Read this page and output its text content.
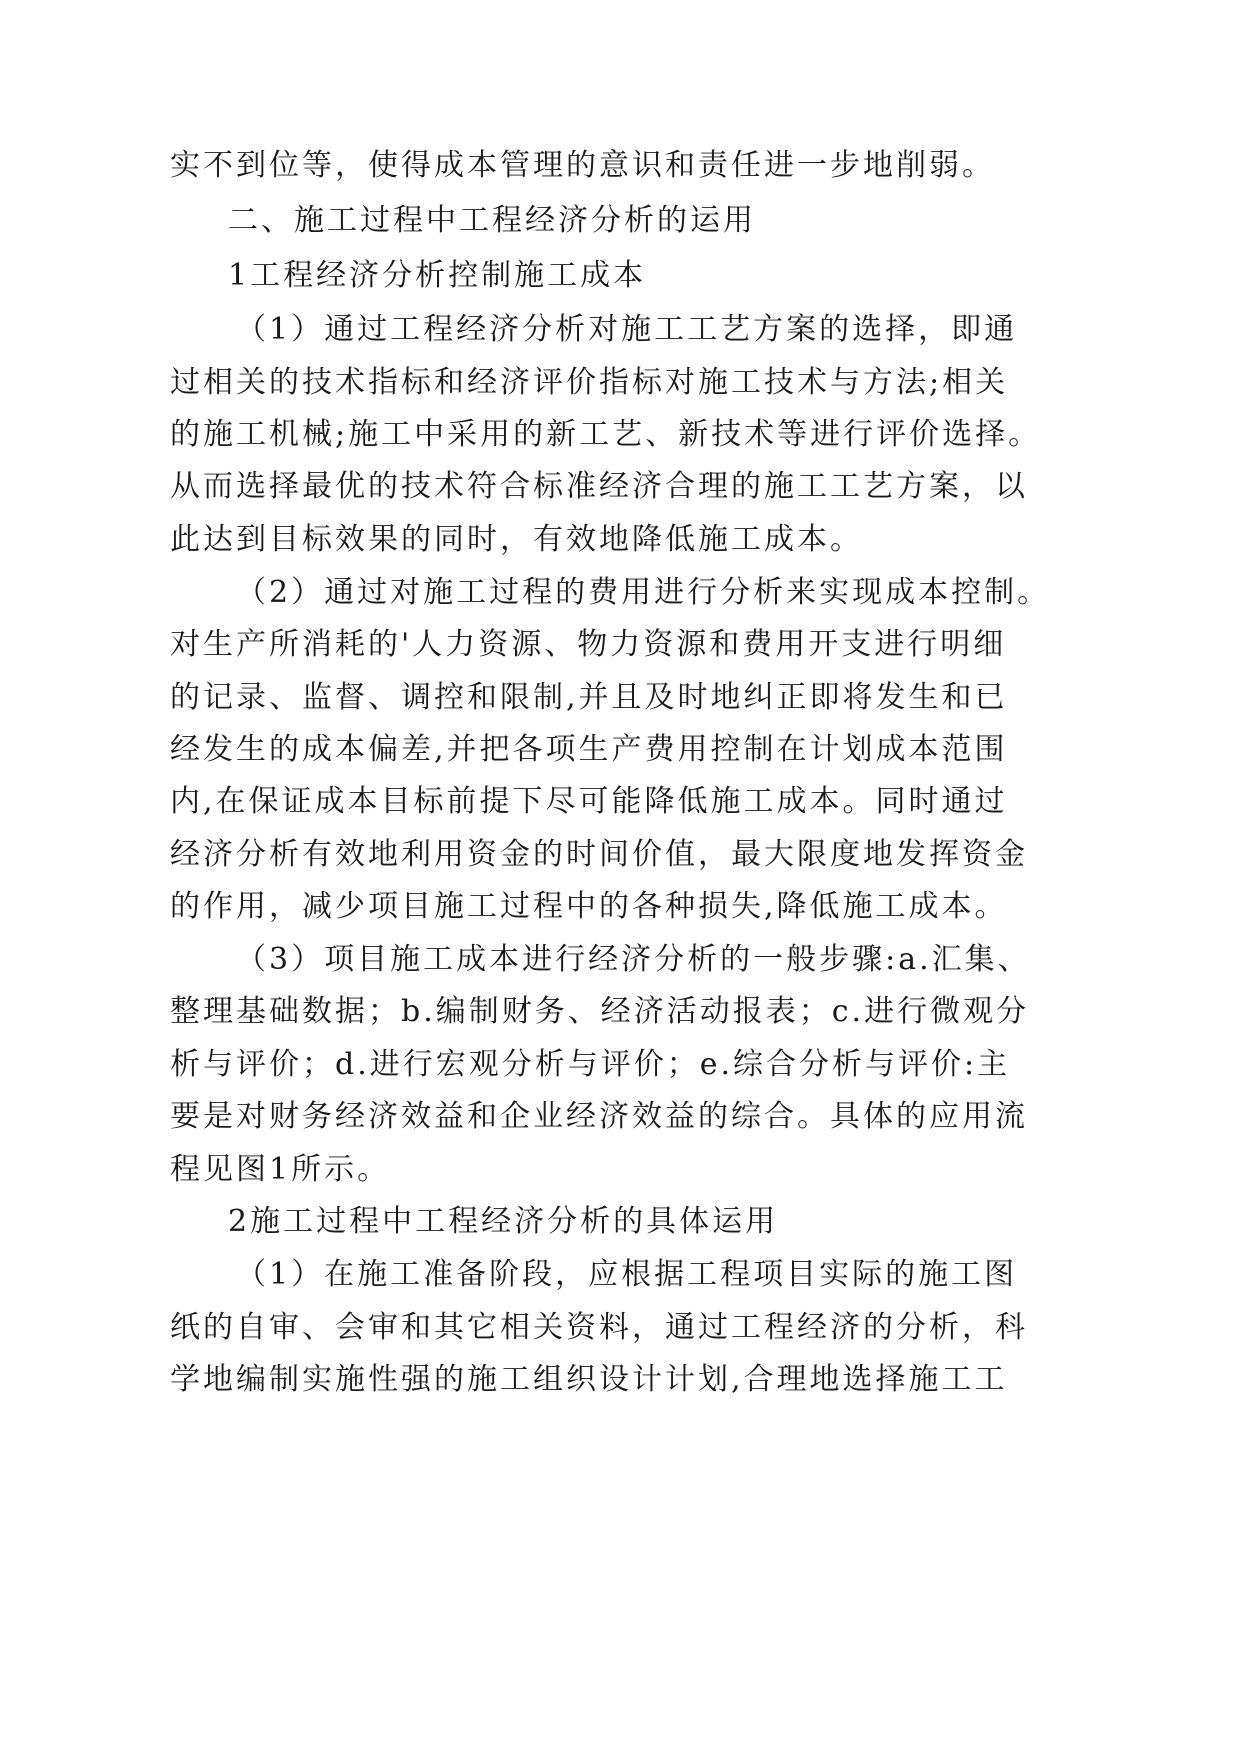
实不到位等，使得成本管理的意识和责任进一步地削弱。
二、施工过程中工程经济分析的运用
1工程经济分析控制施工成本
（1）通过工程经济分析对施工工艺方案的选择，即通
过相关的技术指标和经济评价指标对施工技术与方法;相关
的施工机械;施工中采用的新工艺、新技术等进行评价选择。
从而选择最优的技术符合标准经济合理的施工工艺方案，以
此达到目标效果的同时，有效地降低施工成本。
（2）通过对施工过程的费用进行分析来实现成本控制。
对生产所消耗的'人力资源、物力资源和费用开支进行明细
的记录、监督、调控和限制,并且及时地纠正即将发生和已
经发生的成本偏差,并把各项生产费用控制在计划成本范围
内,在保证成本目标前提下尽可能降低施工成本。同时通过
经济分析有效地利用资金的时间价值，最大限度地发挥资金
的作用，减少项目施工过程中的各种损失,降低施工成本。
（3）项目施工成本进行经济分析的一般步骤:a.汇集、
整理基础数据；b.编制财务、经济活动报表；c.进行微观分
析与评价；d.进行宏观分析与评价；e.综合分析与评价:主
要是对财务经济效益和企业经济效益的综合。具体的应用流
程见图1所示。
2施工过程中工程经济分析的具体运用
（1）在施工准备阶段，应根据工程项目实际的施工图
纸的自审、会审和其它相关资料，通过工程经济的分析，科
学地编制实施性强的施工组织设计计划,合理地选择施工工
